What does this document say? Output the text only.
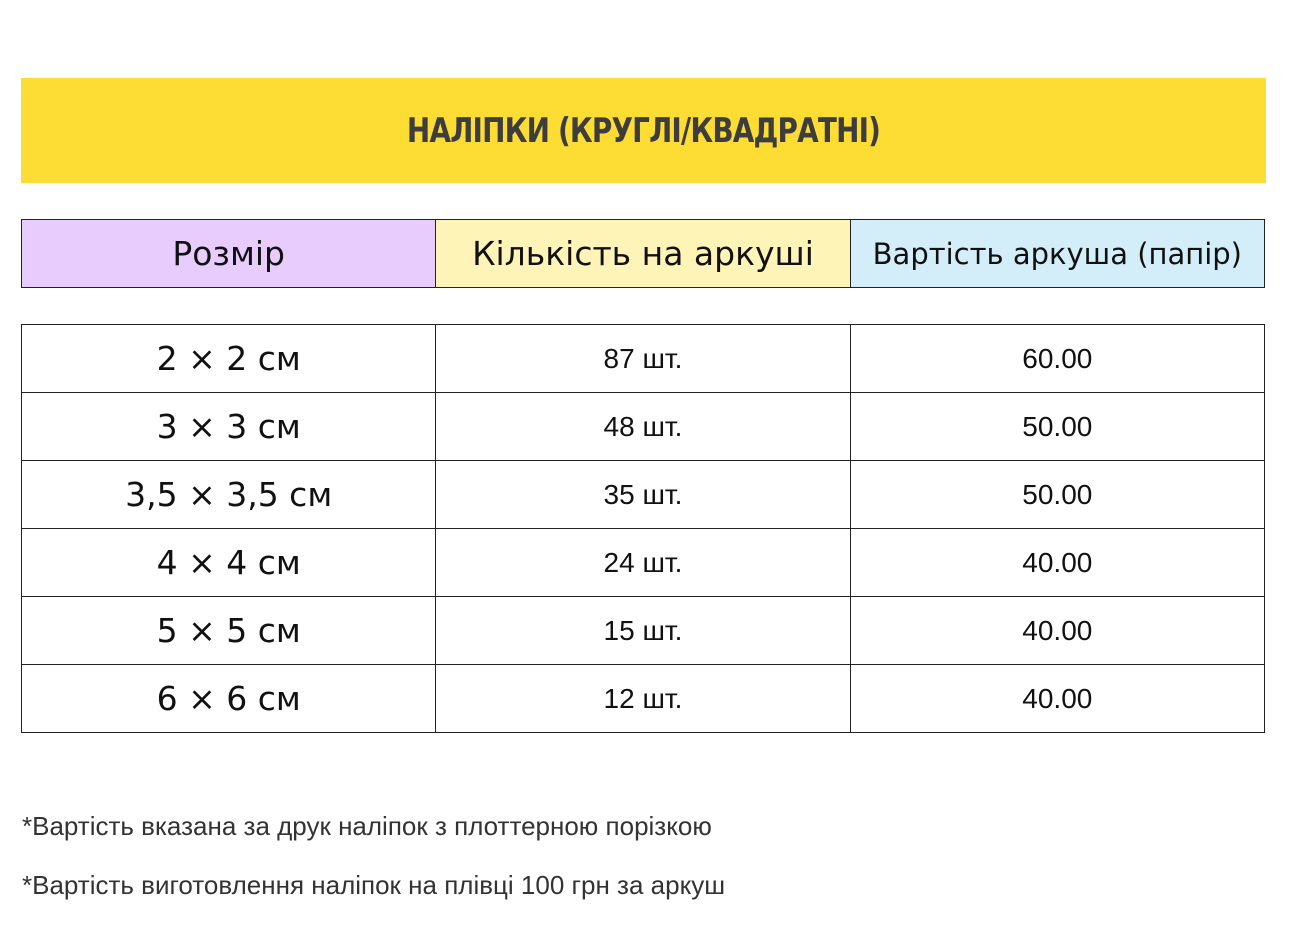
НАЛІПКИ (КРУГЛІ/КВАДРАТНІ)
Розмір	Кількість на аркуші	Вартість аркуша (папір)
2 × 2 см	87 шт.	60.00
3 × 3 см	48 шт.	50.00
3,5 × 3,5 см	35 шт.	50.00
4 × 4 см	24 шт.	40.00
5 × 5 см	15 шт.	40.00
6 × 6 см	12 шт.	40.00
*Вартість вказана за друк наліпок з плоттерною порізкою
*Вартість виготовлення наліпок на плівці 100 грн за аркуш
